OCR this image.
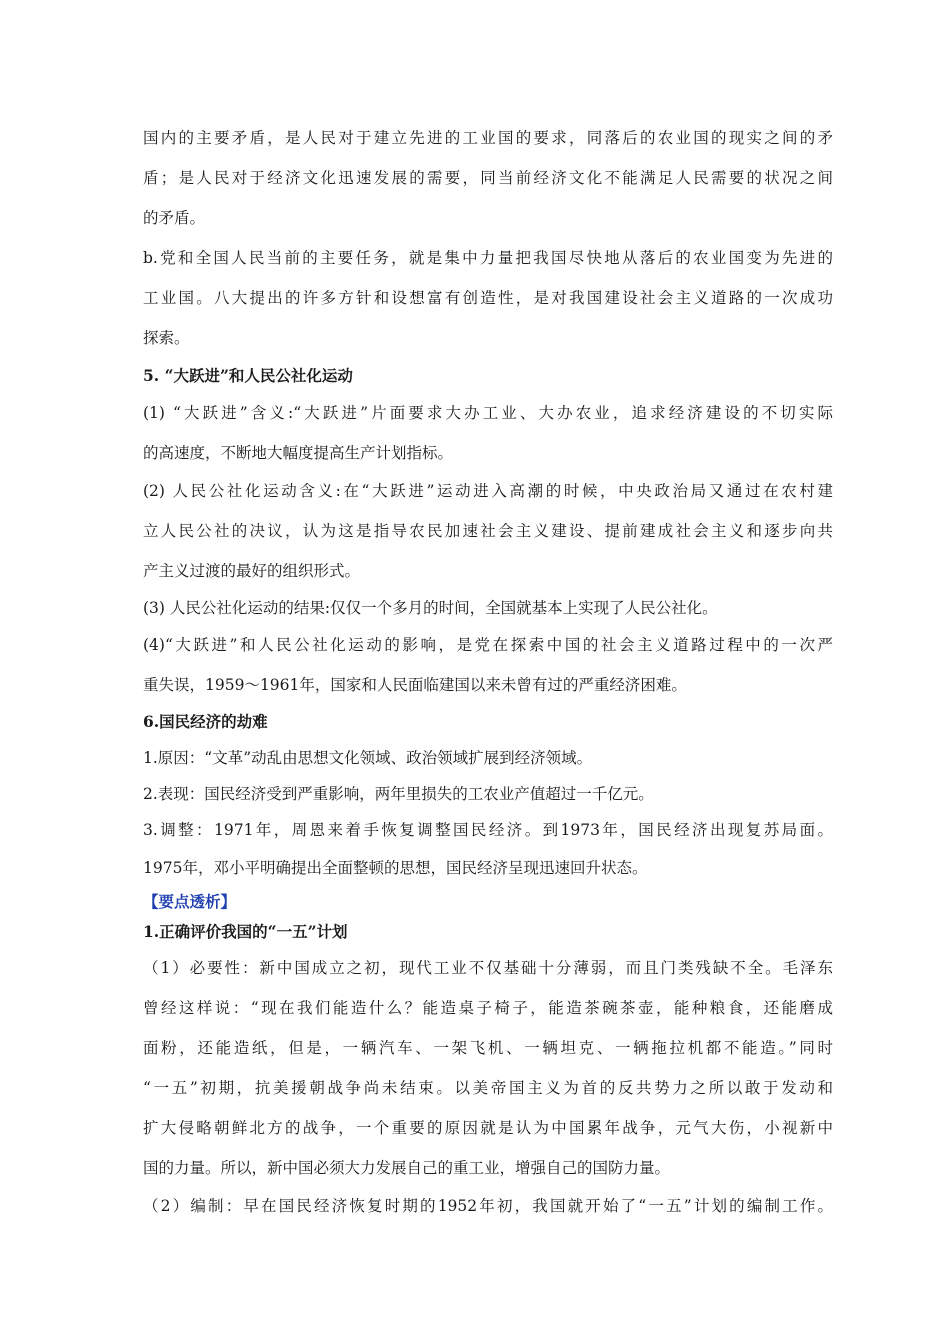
国内的主要矛盾，是人民对于建立先进的工业国的要求，同落后的农业国的现实之间的矛
盾；是人民对于经济文化迅速发展的需要，同当前经济文化不能满足人民需要的状况之间
的矛盾。
b.党和全国人民当前的主要任务，就是集中力量把我国尽快地从落后的农业国变为先进的
工业国。八大提出的许多方针和设想富有创造性，是对我国建设社会主义道路的一次成功
探索。
5. “大跃进”和人民公社化运动
(1) “大跃进”含义:“大跃进”片面要求大办工业、大办农业，追求经济建设的不切实际
的高速度，不断地大幅度提高生产计划指标。
(2) 人民公社化运动含义:在“大跃进”运动进入高潮的时候，中央政治局又通过在农村建
立人民公社的决议，认为这是指导农民加速社会主义建设、提前建成社会主义和逐步向共
产主义过渡的最好的组织形式。
(3) 人民公社化运动的结果:仅仅一个多月的时间，全国就基本上实现了人民公社化。
(4)“大跃进”和人民公社化运动的影响，是党在探索中国的社会主义道路过程中的一次严
重失误，1959～1961年，国家和人民面临建国以来未曾有过的严重经济困难。
6.国民经济的劫难
1.原因：“文革”动乱由思想文化领域、政治领域扩展到经济领域。
2.表现：国民经济受到严重影响，两年里损失的工农业产值超过一千亿元。
3.调整：1971年，周恩来着手恢复调整国民经济。到1973年，国民经济出现复苏局面。
1975年，邓小平明确提出全面整顿的思想，国民经济呈现迅速回升状态。
【要点透析】
1.正确评价我国的“一五”计划
（1）必要性：新中国成立之初，现代工业不仅基础十分薄弱，而且门类残缺不全。毛泽东
曾经这样说：“现在我们能造什么？能造桌子椅子，能造茶碗茶壶，能种粮食，还能磨成
面粉，还能造纸，但是，一辆汽车、一架飞机、一辆坦克、一辆拖拉机都不能造。”同时
“一五”初期，抗美援朝战争尚未结束。以美帝国主义为首的反共势力之所以敢于发动和
扩大侵略朝鲜北方的战争，一个重要的原因就是认为中国累年战争，元气大伤，小视新中
国的力量。所以，新中国必须大力发展自己的重工业，增强自己的国防力量。
（2）编制：早在国民经济恢复时期的1952年初，我国就开始了“一五”计划的编制工作。
